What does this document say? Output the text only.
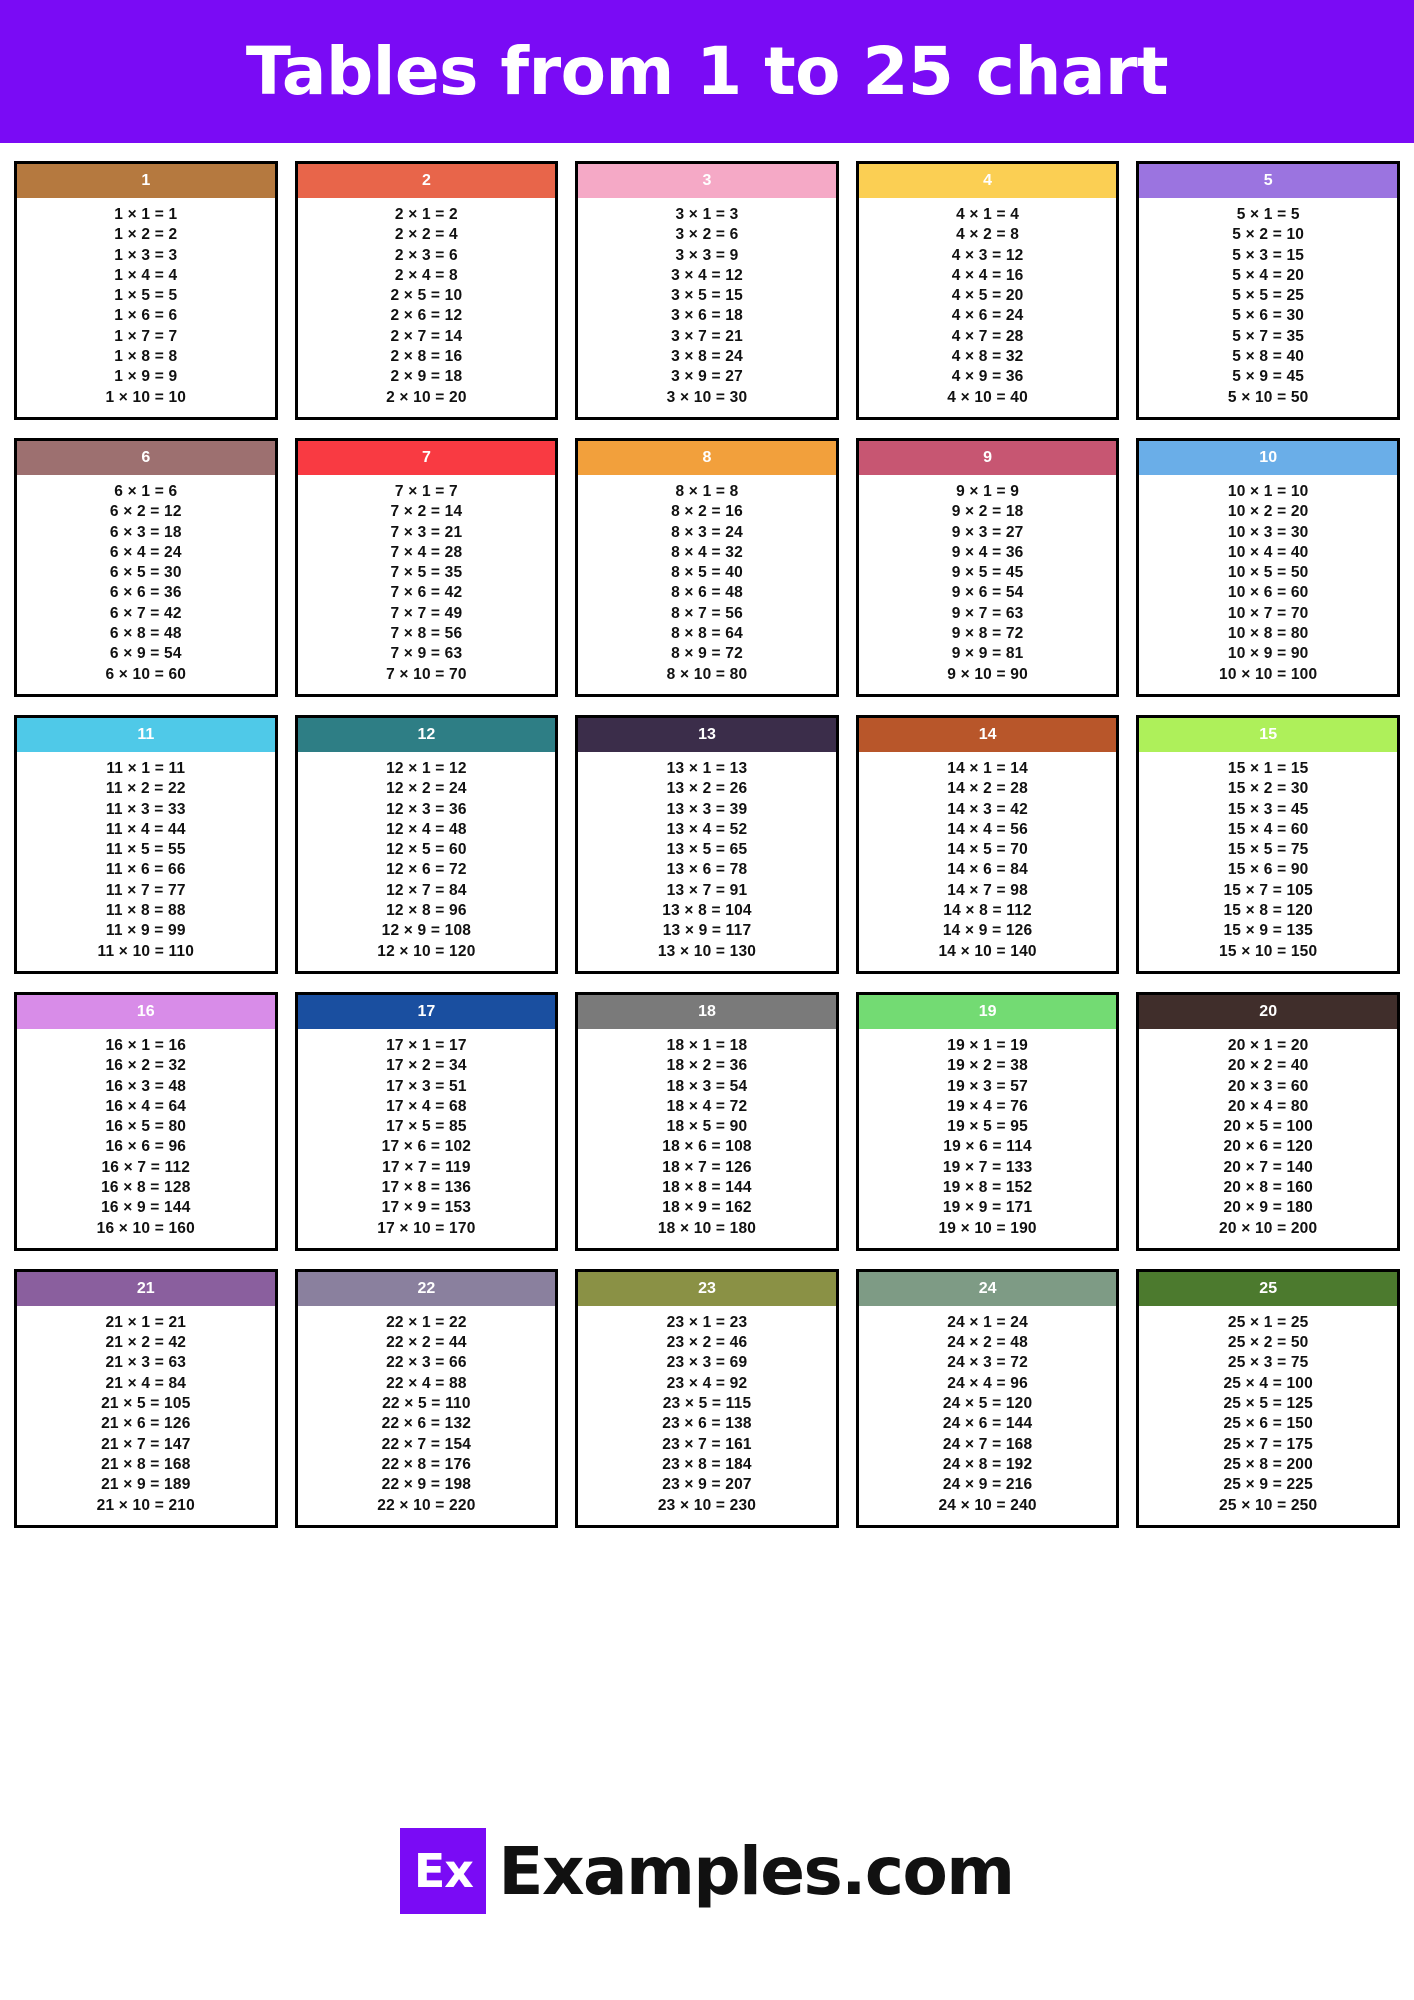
Tables from 1 to 25 chart
1
1 × 1 = 1
1 × 2 = 2
1 × 3 = 3
1 × 4 = 4
1 × 5 = 5
1 × 6 = 6
1 × 7 = 7
1 × 8 = 8
1 × 9 = 9
1 × 10 = 10
2
2 × 1 = 2
2 × 2 = 4
2 × 3 = 6
2 × 4 = 8
2 × 5 = 10
2 × 6 = 12
2 × 7 = 14
2 × 8 = 16
2 × 9 = 18
2 × 10 = 20
3
3 × 1 = 3
3 × 2 = 6
3 × 3 = 9
3 × 4 = 12
3 × 5 = 15
3 × 6 = 18
3 × 7 = 21
3 × 8 = 24
3 × 9 = 27
3 × 10 = 30
4
4 × 1 = 4
4 × 2 = 8
4 × 3 = 12
4 × 4 = 16
4 × 5 = 20
4 × 6 = 24
4 × 7 = 28
4 × 8 = 32
4 × 9 = 36
4 × 10 = 40
5
5 × 1 = 5
5 × 2 = 10
5 × 3 = 15
5 × 4 = 20
5 × 5 = 25
5 × 6 = 30
5 × 7 = 35
5 × 8 = 40
5 × 9 = 45
5 × 10 = 50
6
6 × 1 = 6
6 × 2 = 12
6 × 3 = 18
6 × 4 = 24
6 × 5 = 30
6 × 6 = 36
6 × 7 = 42
6 × 8 = 48
6 × 9 = 54
6 × 10 = 60
7
7 × 1 = 7
7 × 2 = 14
7 × 3 = 21
7 × 4 = 28
7 × 5 = 35
7 × 6 = 42
7 × 7 = 49
7 × 8 = 56
7 × 9 = 63
7 × 10 = 70
8
8 × 1 = 8
8 × 2 = 16
8 × 3 = 24
8 × 4 = 32
8 × 5 = 40
8 × 6 = 48
8 × 7 = 56
8 × 8 = 64
8 × 9 = 72
8 × 10 = 80
9
9 × 1 = 9
9 × 2 = 18
9 × 3 = 27
9 × 4 = 36
9 × 5 = 45
9 × 6 = 54
9 × 7 = 63
9 × 8 = 72
9 × 9 = 81
9 × 10 = 90
10
10 × 1 = 10
10 × 2 = 20
10 × 3 = 30
10 × 4 = 40
10 × 5 = 50
10 × 6 = 60
10 × 7 = 70
10 × 8 = 80
10 × 9 = 90
10 × 10 = 100
11
11 × 1 = 11
11 × 2 = 22
11 × 3 = 33
11 × 4 = 44
11 × 5 = 55
11 × 6 = 66
11 × 7 = 77
11 × 8 = 88
11 × 9 = 99
11 × 10 = 110
12
12 × 1 = 12
12 × 2 = 24
12 × 3 = 36
12 × 4 = 48
12 × 5 = 60
12 × 6 = 72
12 × 7 = 84
12 × 8 = 96
12 × 9 = 108
12 × 10 = 120
13
13 × 1 = 13
13 × 2 = 26
13 × 3 = 39
13 × 4 = 52
13 × 5 = 65
13 × 6 = 78
13 × 7 = 91
13 × 8 = 104
13 × 9 = 117
13 × 10 = 130
14
14 × 1 = 14
14 × 2 = 28
14 × 3 = 42
14 × 4 = 56
14 × 5 = 70
14 × 6 = 84
14 × 7 = 98
14 × 8 = 112
14 × 9 = 126
14 × 10 = 140
15
15 × 1 = 15
15 × 2 = 30
15 × 3 = 45
15 × 4 = 60
15 × 5 = 75
15 × 6 = 90
15 × 7 = 105
15 × 8 = 120
15 × 9 = 135
15 × 10 = 150
16
16 × 1 = 16
16 × 2 = 32
16 × 3 = 48
16 × 4 = 64
16 × 5 = 80
16 × 6 = 96
16 × 7 = 112
16 × 8 = 128
16 × 9 = 144
16 × 10 = 160
17
17 × 1 = 17
17 × 2 = 34
17 × 3 = 51
17 × 4 = 68
17 × 5 = 85
17 × 6 = 102
17 × 7 = 119
17 × 8 = 136
17 × 9 = 153
17 × 10 = 170
18
18 × 1 = 18
18 × 2 = 36
18 × 3 = 54
18 × 4 = 72
18 × 5 = 90
18 × 6 = 108
18 × 7 = 126
18 × 8 = 144
18 × 9 = 162
18 × 10 = 180
19
19 × 1 = 19
19 × 2 = 38
19 × 3 = 57
19 × 4 = 76
19 × 5 = 95
19 × 6 = 114
19 × 7 = 133
19 × 8 = 152
19 × 9 = 171
19 × 10 = 190
20
20 × 1 = 20
20 × 2 = 40
20 × 3 = 60
20 × 4 = 80
20 × 5 = 100
20 × 6 = 120
20 × 7 = 140
20 × 8 = 160
20 × 9 = 180
20 × 10 = 200
21
21 × 1 = 21
21 × 2 = 42
21 × 3 = 63
21 × 4 = 84
21 × 5 = 105
21 × 6 = 126
21 × 7 = 147
21 × 8 = 168
21 × 9 = 189
21 × 10 = 210
22
22 × 1 = 22
22 × 2 = 44
22 × 3 = 66
22 × 4 = 88
22 × 5 = 110
22 × 6 = 132
22 × 7 = 154
22 × 8 = 176
22 × 9 = 198
22 × 10 = 220
23
23 × 1 = 23
23 × 2 = 46
23 × 3 = 69
23 × 4 = 92
23 × 5 = 115
23 × 6 = 138
23 × 7 = 161
23 × 8 = 184
23 × 9 = 207
23 × 10 = 230
24
24 × 1 = 24
24 × 2 = 48
24 × 3 = 72
24 × 4 = 96
24 × 5 = 120
24 × 6 = 144
24 × 7 = 168
24 × 8 = 192
24 × 9 = 216
24 × 10 = 240
25
25 × 1 = 25
25 × 2 = 50
25 × 3 = 75
25 × 4 = 100
25 × 5 = 125
25 × 6 = 150
25 × 7 = 175
25 × 8 = 200
25 × 9 = 225
25 × 10 = 250
Ex Examples.com
